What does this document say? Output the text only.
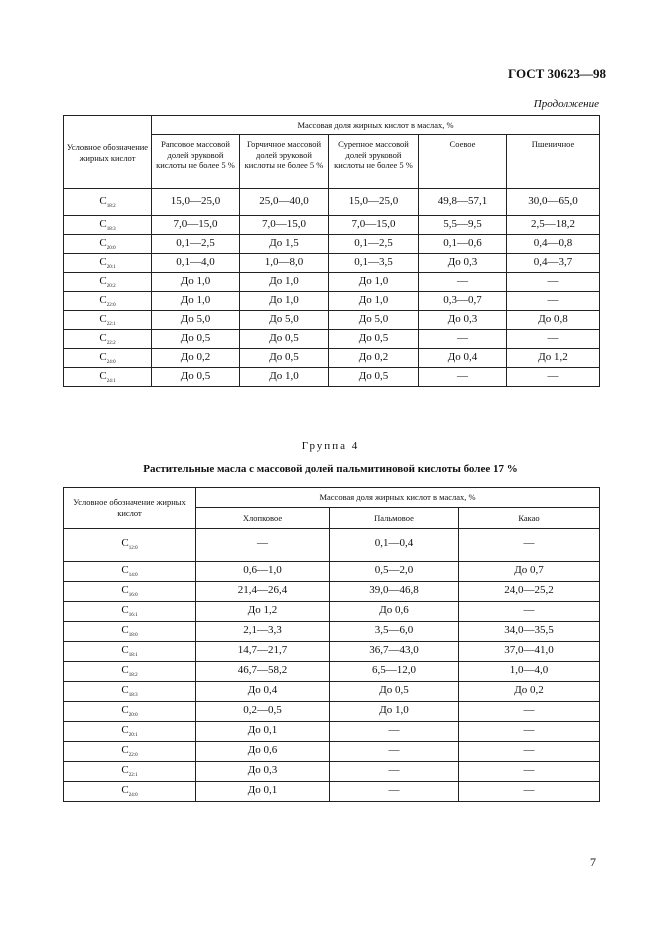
ГОСТ 30623—98
Продолжение
Условное обозначение жирных кислот	Массовая доля жирных кислот в маслах, %				
	Рапсовое массовой долей эруковой кислоты не более 5 %	Горчичное массовой долей эруковой кислоты не более 5 %	Сурепное массовой долей эруковой кислоты не более 5 %	Соевое	Пшеничное
$C_{18:2}$	15,0—25,0	25,0—40,0	15,0—25,0	49,8—57,1	30,0—65,0
$C_{18:3}$	7,0—15,0	7,0—15,0	7,0—15,0	5,5—9,5	2,5—18,2
$C_{20:0}$	0,1—2,5	До 1,5	0,1—2,5	0,1—0,6	0,4—0,8
$C_{20:1}$	0,1—4,0	1,0—8,0	0,1—3,5	До 0,3	0,4—3,7
$C_{20:2}$	До 1,0	До 1,0	До 1,0	—	—
$C_{22:0}$	До 1,0	До 1,0	До 1,0	0,3—0,7	—
$C_{22:1}$	До 5,0	До 5,0	До 5,0	До 0,3	До 0,8
$C_{22:2}$	До 0,5	До 0,5	До 0,5	—	—
$C_{24:0}$	До 0,2	До 0,5	До 0,2	До 0,4	До 1,2
$C_{24:1}$	До 0,5	До 1,0	До 0,5	—	—
Группа 4
Растительные масла с массовой долей пальмитиновой кислоты более 17 %
Условное обозначение жирных кислот	Массовая доля жирных кислот в маслах, %		
	Хлопковое	Пальмовое	Какао
$C_{12:0}$	—	0,1—0,4	—
$C_{14:0}$	0,6—1,0	0,5—2,0	До 0,7
$C_{16:0}$	21,4—26,4	39,0—46,8	24,0—25,2
$C_{16:1}$	До 1,2	До 0,6	—
$C_{18:0}$	2,1—3,3	3,5—6,0	34,0—35,5
$C_{18:1}$	14,7—21,7	36,7—43,0	37,0—41,0
$C_{18:2}$	46,7—58,2	6,5—12,0	1,0—4,0
$C_{18:3}$	До 0,4	До 0,5	До 0,2
$C_{20:0}$	0,2—0,5	До 1,0	—
$C_{20:1}$	До 0,1	—	—
$C_{22:0}$	До 0,6	—	—
$C_{22:1}$	До 0,3	—	—
$C_{24:0}$	До 0,1	—	—
7
